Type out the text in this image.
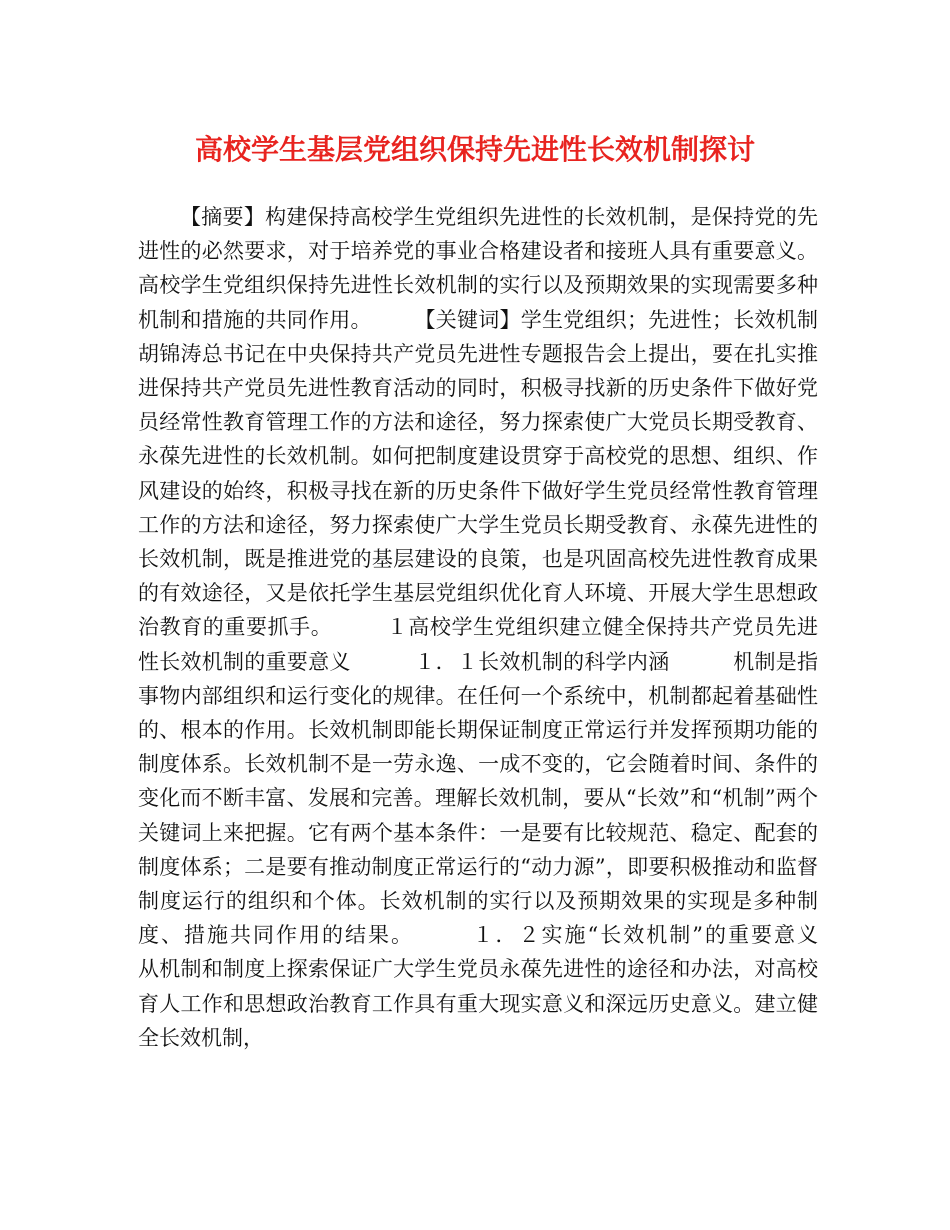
高校学生基层党组织保持先进性长效机制探讨

【摘要】构建保持高校学生党组织先进性的长效机制，是保持党的先进性的必然要求，对于培养党的事业合格建设者和接班人具有重要意义。高校学生党组织保持先进性长效机制的实行以及预期效果的实现需要多种机制和措施的共同作用。　　　【关键词】学生党组织；先进性；长效机制　　　胡锦涛总书记在中央保持共产党员先进性专题报告会上提出，要在扎实推进保持共产党员先进性教育活动的同时，积极寻找新的历史条件下做好党员经常性教育管理工作的方法和途径，努力探索使广大党员长期受教育、永葆先进性的长效机制。如何把制度建设贯穿于高校党的思想、组织、作风建设的始终，积极寻找在新的历史条件下做好学生党员经常性教育管理工作的方法和途径，努力探索使广大学生党员长期受教育、永葆先进性的长效机制，既是推进党的基层建设的良策，也是巩固高校先进性教育成果的有效途径，又是依托学生基层党组织优化育人环境、开展大学生思想政治教育的重要抓手。　　　１高校学生党组织建立健全保持共产党员先进性长效机制的重要意义　　　１．１长效机制的科学内涵　　　机制是指事物内部组织和运行变化的规律。在任何一个系统中，机制都起着基础性的、根本的作用。长效机制即能长期保证制度正常运行并发挥预期功能的制度体系。长效机制不是一劳永逸、一成不变的，它会随着时间、条件的变化而不断丰富、发展和完善。理解长效机制，要从“长效”和“机制”两个关键词上来把握。它有两个基本条件：一是要有比较规范、稳定、配套的制度体系；二是要有推动制度正常运行的“动力源”，即要积极推动和监督制度运行的组织和个体。长效机制的实行以及预期效果的实现是多种制度、措施共同作用的结果。　　　１．２实施“长效机制”的重要意义　　　从机制和制度上探索保证广大学生党员永葆先进性的途径和办法，对高校育人工作和思想政治教育工作具有重大现实意义和深远历史意义。建立健全长效机制，
